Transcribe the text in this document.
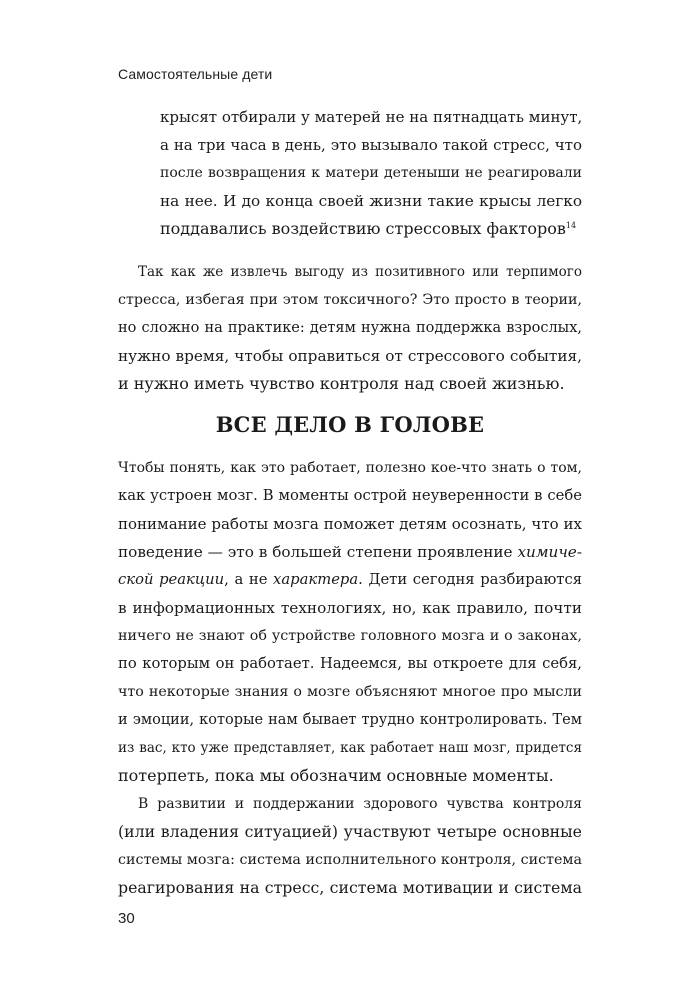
Самостоятельные дети
крысят отбирали у матерей не на пятнадцать минут,
а на три часа в день, это вызывало такой стресс, что
после возвращения к матери детеныши не реагировали
на нее. И до конца своей жизни такие крысы легко
поддавались воздействию стрессовых факторов$^{14}$
Так как же извлечь выгоду из позитивного или терпимого
стресса, избегая при этом токсичного? Это просто в теории,
но сложно на практике: детям нужна поддержка взрослых,
нужно время, чтобы оправиться от стрессового события,
и нужно иметь чувство контроля над своей жизнью.
ВСЕ ДЕЛО В ГОЛОВЕ
Чтобы понять, как это работает, полезно кое-что знать о том,
как устроен мозг. В моменты острой неуверенности в себе
понимание работы мозга поможет детям осознать, что их
поведение — это в большей степени проявление химиче-
ской реакции, а не характера. Дети сегодня разбираются
в информационных технологиях, но, как правило, почти
ничего не знают об устройстве головного мозга и о законах,
по которым он работает. Надеемся, вы откроете для себя,
что некоторые знания о мозге объясняют многое про мысли
и эмоции, которые нам бывает трудно контролировать. Тем
из вас, кто уже представляет, как работает наш мозг, придется
потерпеть, пока мы обозначим основные моменты.
В развитии и поддержании здорового чувства контроля
(или владения ситуацией) участвуют четыре основные
системы мозга: система исполнительного контроля, система
реагирования на стресс, система мотивации и система
30
